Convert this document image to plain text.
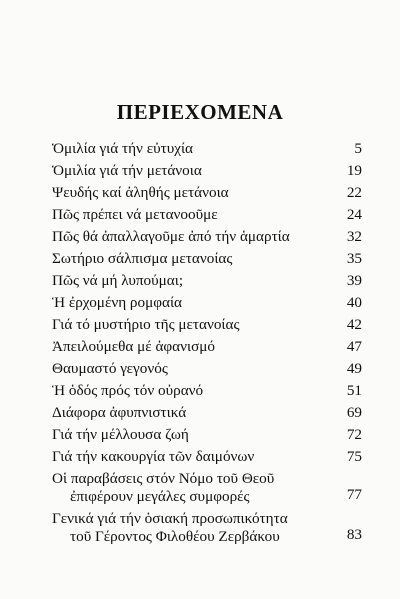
ΠΕΡΙΕΧΟΜΕΝΑ
Ὁμιλία γιά τήν εὐτυχία	5
Ὁμιλία γιά τήν μετάνοια	19
Ψευδής καί ἀληθής μετάνοια	22
Πῶς πρέπει νά μετανοοῦμε	24
Πῶς θά ἀπαλλαγοῦμε ἀπό τήν ἁμαρτία	32
Σωτήριο σάλπισμα μετανοίας	35
Πῶς νά μή λυπούμαι;	39
Ἡ ἐρχομένη ρομφαία	40
Γιά τό μυστήριο τῆς μετανοίας	42
Ἀπειλούμεθα μέ ἀφανισμό	47
Θαυμαστό γεγονός	49
Ἡ ὁδός πρός τόν οὐρανό	51
Διάφορα ἀφυπνιστικά	69
Γιά τήν μέλλουσα ζωή	72
Γιά τήν κακουργία τῶν δαιμόνων	75
Οἱ παραβάσεις στόν Νόμο τοῦ Θεοῦ
ἐπιφέρουν μεγάλες συμφορές	77
Γενικά γιά τήν ὁσιακή προσωπικότητα
τοῦ Γέροντος Φιλοθέου Ζερβάκου	83
